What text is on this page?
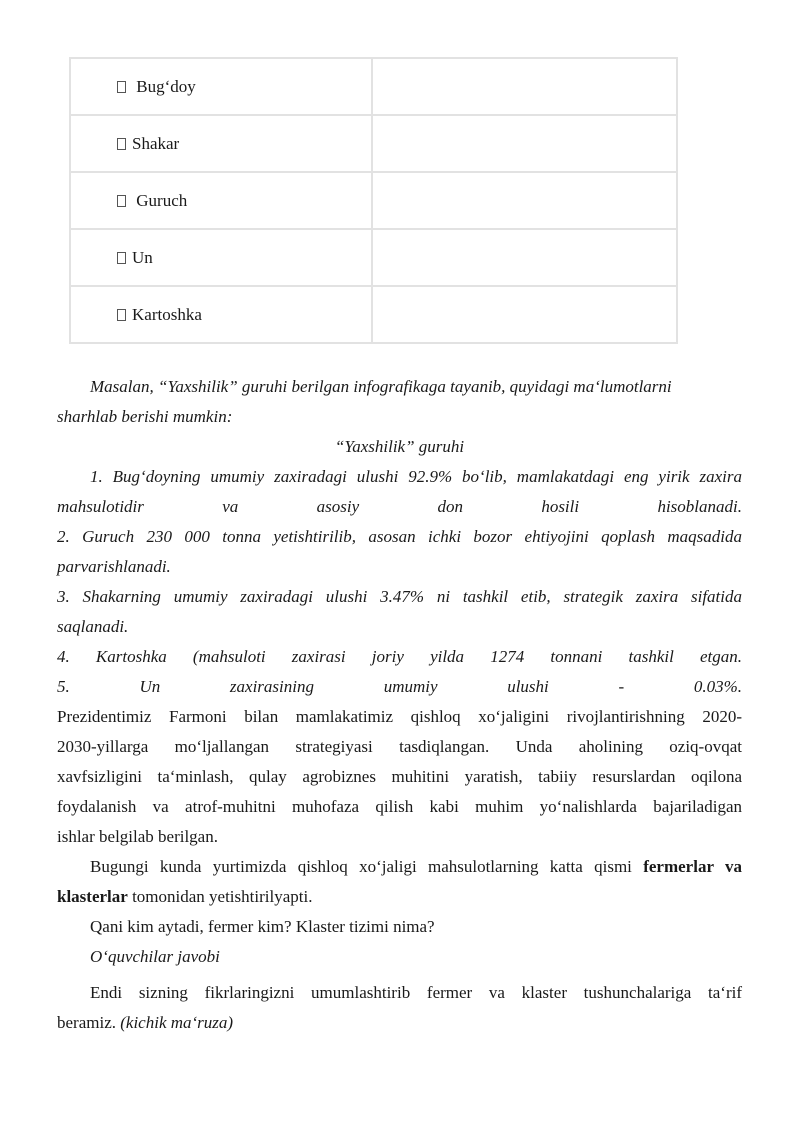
Bug‘doy	
Shakar	
Guruch	
Un	
Kartoshka	
Masalan, “Yaxshilik” guruhi berilgan infografikaga tayanib, quyidagi ma‘lumotlarni
sharhlab berishi mumkin:
“Yaxshilik” guruhi
1. Bug‘doyning umumiy zaxiradagi ulushi 92.9% bo‘lib, mamlakatdagi eng yirik zaxira
mahsulotidir va asosiy don hosili hisoblanadi.
2. Guruch 230 000 tonna yetishtirilib, asosan ichki bozor ehtiyojini qoplash maqsadida
parvarishlanadi.
3. Shakarning umumiy zaxiradagi ulushi 3.47% ni tashkil etib, strategik zaxira sifatida
saqlanadi.
4. Kartoshka (mahsuloti zaxirasi joriy yilda 1274 tonnani tashkil etgan.
5. Un zaxirasining umumiy ulushi - 0.03%.
Prezidentimiz Farmoni bilan mamlakatimiz qishloq xo‘jaligini rivojlantirishning 2020-
2030-yillarga mo‘ljallangan strategiyasi tasdiqlangan. Unda aholining oziq-ovqat
xavfsizligini ta‘minlash, qulay agrobiznes muhitini yaratish, tabiiy resurslardan oqilona
foydalanish va atrof-muhitni muhofaza qilish kabi muhim yo‘nalishlarda bajariladigan
ishlar belgilab berilgan.
Bugungi kunda yurtimizda qishloq xo‘jaligi mahsulotlarning katta qismi fermerlar va
klasterlar tomonidan yetishtirilyapti.
Qani kim aytadi, fermer kim? Klaster tizimi nima?
O‘quvchilar javobi
Endi sizning fikrlaringizni umumlashtirib fermer va klaster tushunchalariga ta‘rif
beramiz. (kichik ma‘ruza)
